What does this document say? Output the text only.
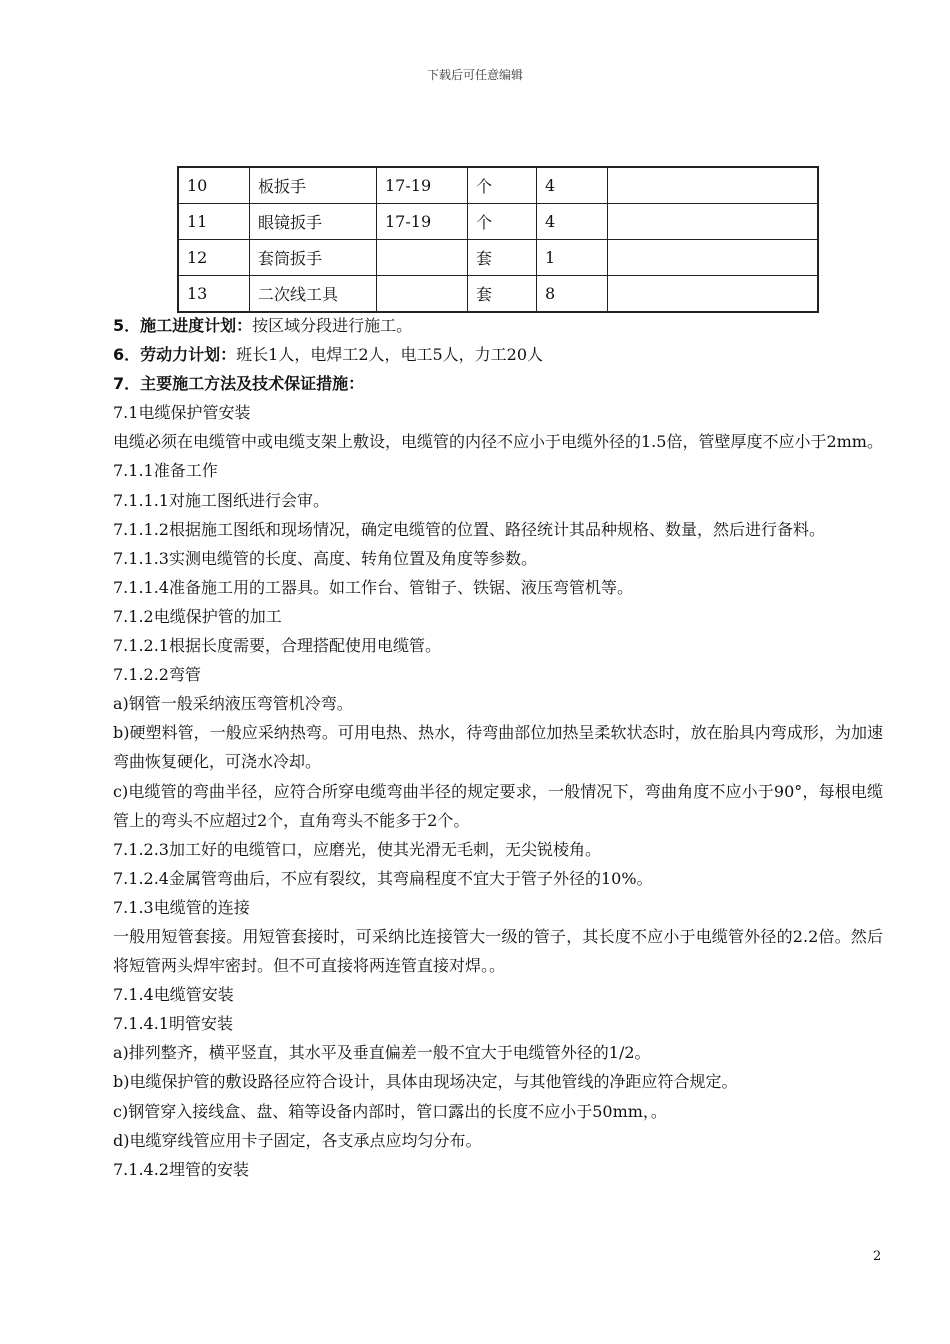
下载后可任意编辑
10	板扳手	17-19	个	4	
11	眼镜扳手	17-19	个	4	
12	套筒扳手		套	1	
13	二次线工具		套	8	

5．施工进度计划：按区域分段进行施工。

6．劳动力计划：班长1人，电焊工2人，电工5人，力工20人

7．主要施工方法及技术保证措施：

7.1电缆保护管安装

电缆必须在电缆管中或电缆支架上敷设，电缆管的内径不应小于电缆外径的1.5倍，管壁厚度不应小于2mm。

7.1.1准备工作

7.1.1.1对施工图纸进行会审。

7.1.1.2根据施工图纸和现场情况，确定电缆管的位置、路径统计其品种规格、数量，然后进行备料。

7.1.1.3实测电缆管的长度、高度、转角位置及角度等参数。

7.1.1.4准备施工用的工器具。如工作台、管钳子、铁锯、液压弯管机等。

7.1.2电缆保护管的加工

7.1.2.1根据长度需要，合理搭配使用电缆管。

7.1.2.2弯管

a)钢管一般采纳液压弯管机冷弯。

b)硬塑料管，一般应采纳热弯。可用电热、热水，待弯曲部位加热呈柔软状态时，放在胎具内弯成形，为加速弯曲恢复硬化，可浇水冷却。

c)电缆管的弯曲半径，应符合所穿电缆弯曲半径的规定要求，一般情况下，弯曲角度不应小于90°，每根电缆管上的弯头不应超过2个，直角弯头不能多于2个。

7.1.2.3加工好的电缆管口，应磨光，使其光滑无毛刺，无尖锐棱角。

7.1.2.4金属管弯曲后，不应有裂纹，其弯扁程度不宜大于管子外径的10%。

7.1.3电缆管的连接

一般用短管套接。用短管套接时，可采纳比连接管大一级的管子，其长度不应小于电缆管外径的2.2倍。然后将短管两头焊牢密封。但不可直接将两连管直接对焊。。

7.1.4电缆管安装

7.1.4.1明管安装

a)排列整齐，横平竖直，其水平及垂直偏差一般不宜大于电缆管外径的1/2。

b)电缆保护管的敷设路径应符合设计，具体由现场决定，与其他管线的净距应符合规定。

c)钢管穿入接线盒、盘、箱等设备内部时，管口露出的长度不应小于50mm，。

d)电缆穿线管应用卡子固定，各支承点应均匀分布。

7.1.4.2埋管的安装

2
